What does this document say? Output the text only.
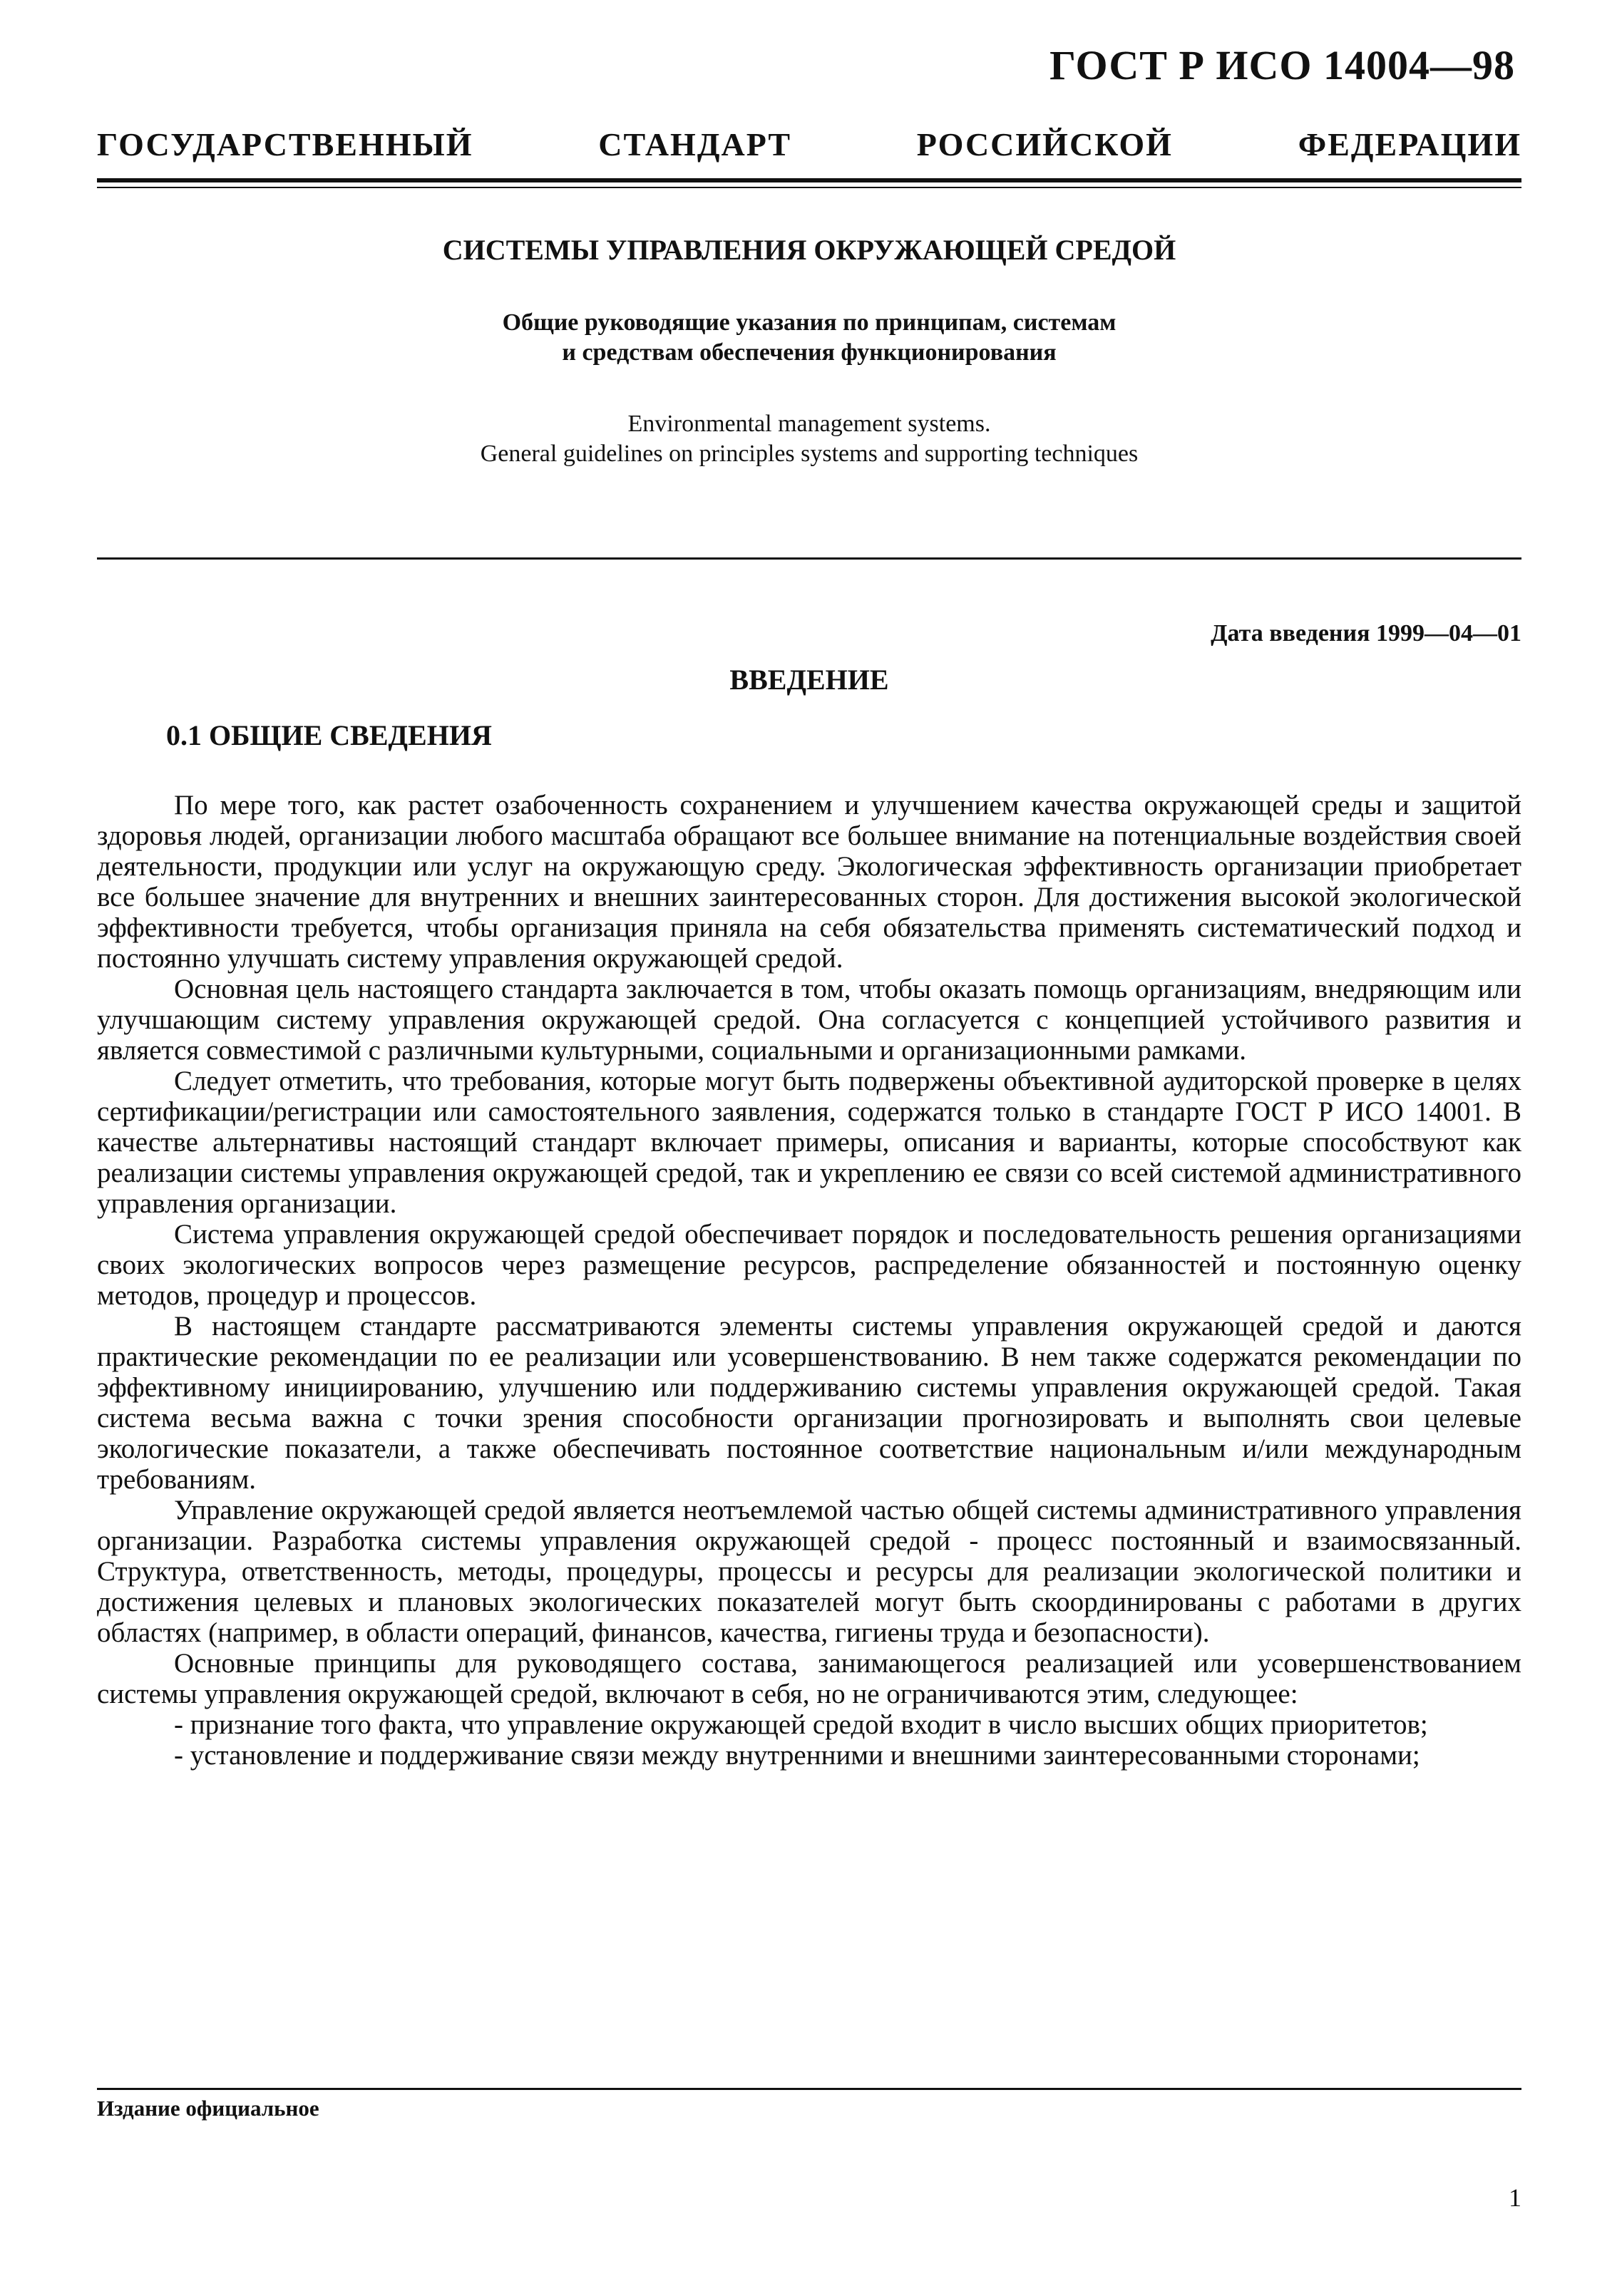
ГОСТ Р ИСО 14004—98
ГОСУДАРСТВЕННЫЙ СТАНДАРТ РОССИЙСКОЙ ФЕДЕРАЦИИ
СИСТЕМЫ УПРАВЛЕНИЯ ОКРУЖАЮЩЕЙ СРЕДОЙ
Общие руководящие указания по принципам, системам
и средствам обеспечения функционирования
Environmental management systems.
General guidelines on principles systems and supporting techniques
Дата введения 1999—04—01
ВВЕДЕНИЕ
0.1 ОБЩИЕ СВЕДЕНИЯ

По мере того, как растет озабоченность сохранением и улучшением качества окружающей среды и защитой здоровья людей, организации любого масштаба обращают все большее внимание на потенциальные воздействия своей деятельности, продукции или услуг на окружающую среду. Экологическая эффективность организации приобретает все большее значение для внутренних и внешних заинтересованных сторон. Для достижения высокой экологической эффективности требуется, чтобы организация приняла на себя обязательства применять систематический подход и постоянно улучшать систему управления окружающей средой.

Основная цель настоящего стандарта заключается в том, чтобы оказать помощь организациям, внедряющим или улучшающим систему управления окружающей средой. Она согласуется с концепцией устойчивого развития и является совместимой с различными культурными, социальными и организационными рамками.

Следует отметить, что требования, которые могут быть подвержены объективной аудиторской проверке в целях сертификации/регистрации или самостоятельного заявления, содержатся только в стандарте ГОСТ Р ИСО 14001. В качестве альтернативы настоящий стандарт включает примеры, описания и варианты, которые способствуют как реализации системы управления окружающей средой, так и укреплению ее связи со всей системой административного управления организации.

Система управления окружающей средой обеспечивает порядок и последовательность решения организациями своих экологических вопросов через размещение ресурсов, распределение обязанностей и постоянную оценку методов, процедур и процессов.

В настоящем стандарте рассматриваются элементы системы управления окружающей средой и даются практические рекомендации по ее реализации или усовершенствованию. В нем также содержатся рекомендации по эффективному инициированию, улучшению или поддерживанию системы управления окружающей средой. Такая система весьма важна с точки зрения способности организации прогнозировать и выполнять свои целевые экологические показатели, а также обеспечивать постоянное соответствие национальным и/или международным требованиям.

Управление окружающей средой является неотъемлемой частью общей системы административного управления организации. Разработка системы управления окружающей средой - процесс постоянный и взаимосвязанный. Структура, ответственность, методы, процедуры, процессы и ресурсы для реализации экологической политики и достижения целевых и плановых экологических показателей могут быть скоординированы с работами в других областях (например, в области операций, финансов, качества, гигиены труда и безопасности).

Основные принципы для руководящего состава, занимающегося реализацией или усовершенствованием системы управления окружающей средой, включают в себя, но не ограничиваются этим, следующее:

- признание того факта, что управление окружающей средой входит в число высших общих приоритетов;

- установление и поддерживание связи между внутренними и внешними заинтересованными сторонами;

Издание официальное
1
